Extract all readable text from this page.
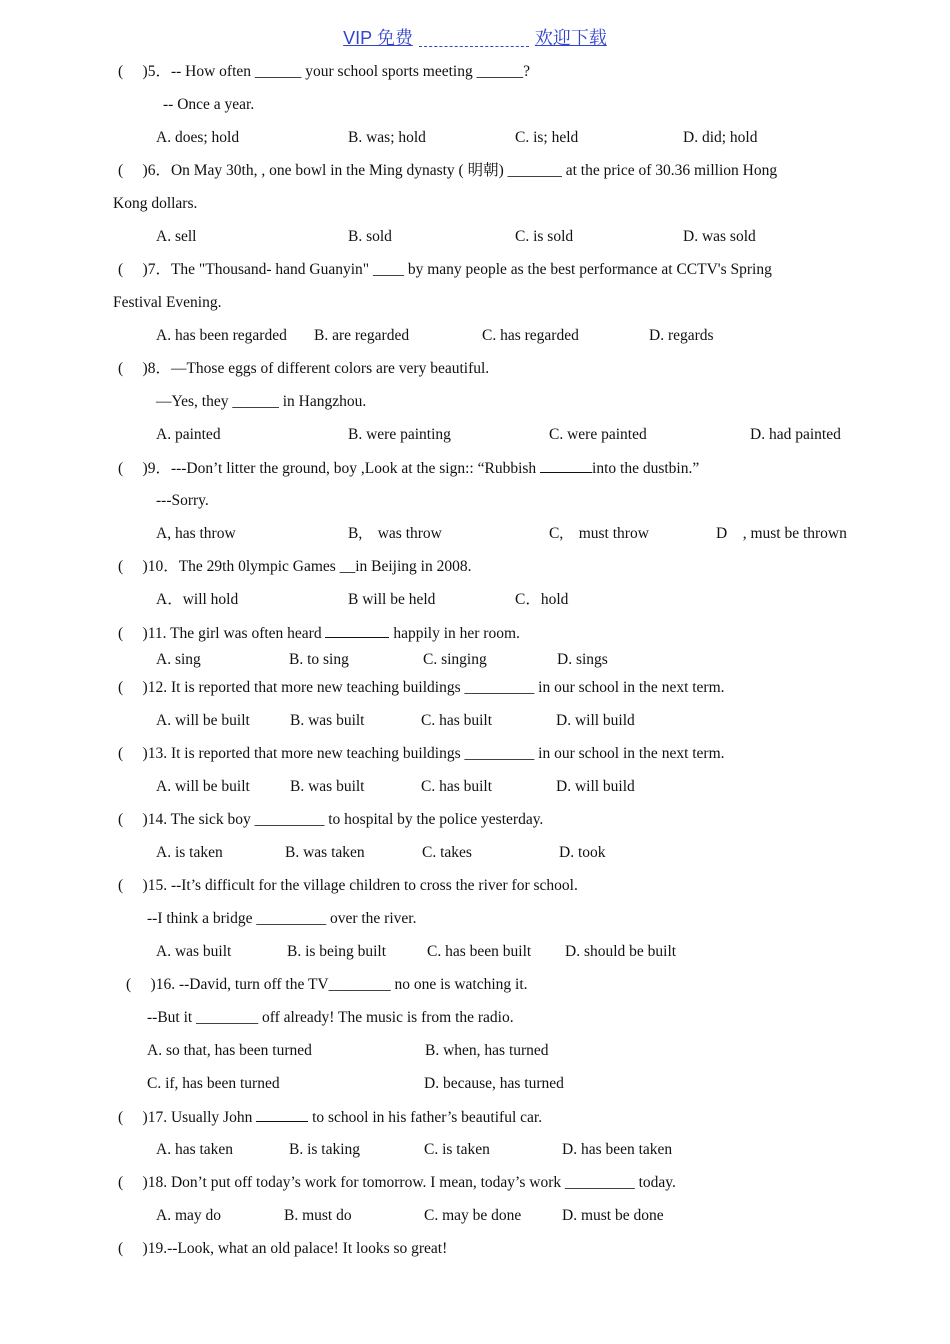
VIP 免费	欢迎下载
(　 )5．-- How often ______ your school sports meeting ______?
-- Once a year.
A. does; hold	B. was; hold	C. is; held	D. did; hold
(　 )6．On May 30th, , one bowl in the Ming dynasty ( 明朝) _______ at the price of 30.36 million Hong
Kong dollars.
A. sell	B. sold	C. is sold	D. was sold
(　 )7．The "Thousand- hand Guanyin" ____ by many people as the best performance at CCTV's Spring
Festival Evening.
A. has been regarded B. are regarded	C. has regarded	D. regards
(　 )8．—Those eggs of different colors are very beautiful.
—Yes, they ______ in Hangzhou.
A. painted	B. were painting	C. were painted	D. had painted
(　 )9．---Don’t litter the ground, boy ,Look at the sign:: “Rubbish	into the dustbin.”
---Sorry.
A, has throw	B,　was throw	C,　must throw	D　, must be thrown
(　 )10．The 29th 0lympic Games __in Beijing in 2008.
A．will hold	B will be held	C．hold
(　 )11. The girl was often heard	happily in her room.
A. sing	B. to sing	C. singing	D. sings
(　 )12. It is reported that more new teaching buildings _________ in our school in the next term.
A. will be built	B. was built	C. has built	D. will build
(　 )13. It is reported that more new teaching buildings _________ in our school in the next term.
A. will be built	B. was built	C. has built	D. will build
(　 )14. The sick boy _________ to hospital by the police yesterday.
A. is taken	B. was taken	C. takes	D. took
(　 )15. --It’s difficult for the village children to cross the river for school.
--I think a bridge _________ over the river.
A. was built	B. is being built	C. has been built D. should be built
(　 )16. --David, turn off the TV________ no one is watching it.
--But it ________ off already! The music is from the radio.
A. so that, has been turned	B. when, has turned
C. if, has been turned	D. because, has turned
(　 )17. Usually John	to school in his father’s beautiful car.
A. has taken	B. is taking	C. is taken	D. has been taken
(　 )18. Don’t put off today’s work for tomorrow. I mean, today’s work _________ today.
A. may do	B. must do	C. may be done	D. must be done
(　 )19.--Look, what an old palace! It looks so great!
